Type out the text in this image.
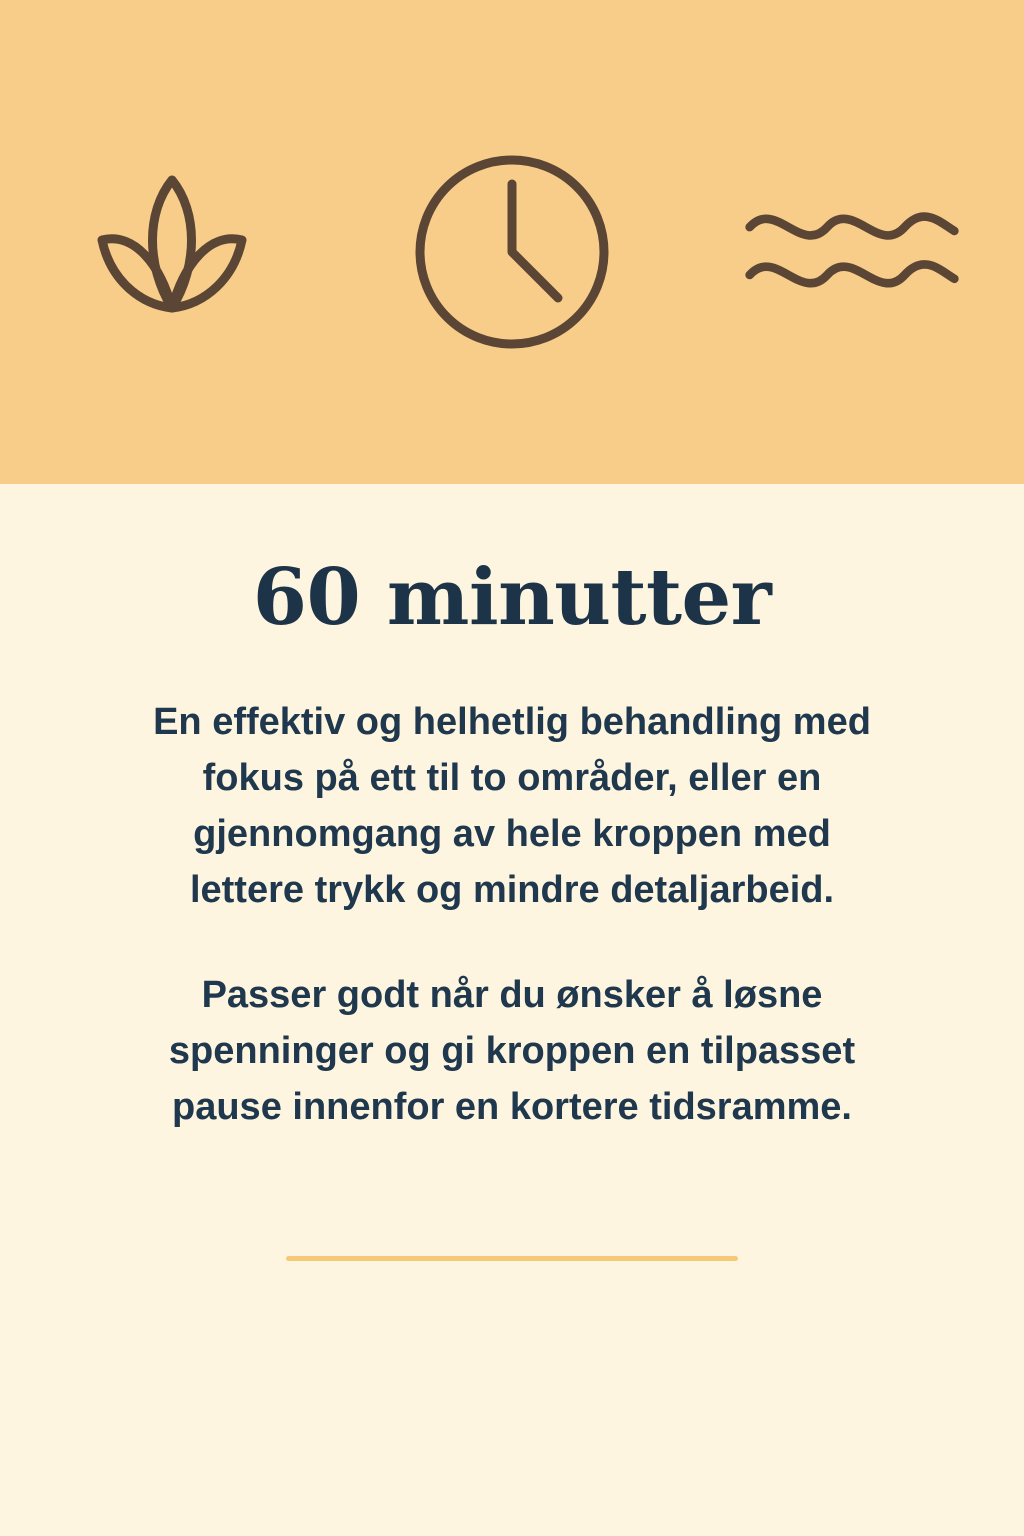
60 minutter

En effektiv og helhetlig behandling med fokus på ett til to områder, eller en gjennomgang av hele kroppen med lettere trykk og mindre detaljarbeid.

Passer godt når du ønsker å løsne spenninger og gi kroppen en tilpasset pause innenfor en kortere tidsramme.
